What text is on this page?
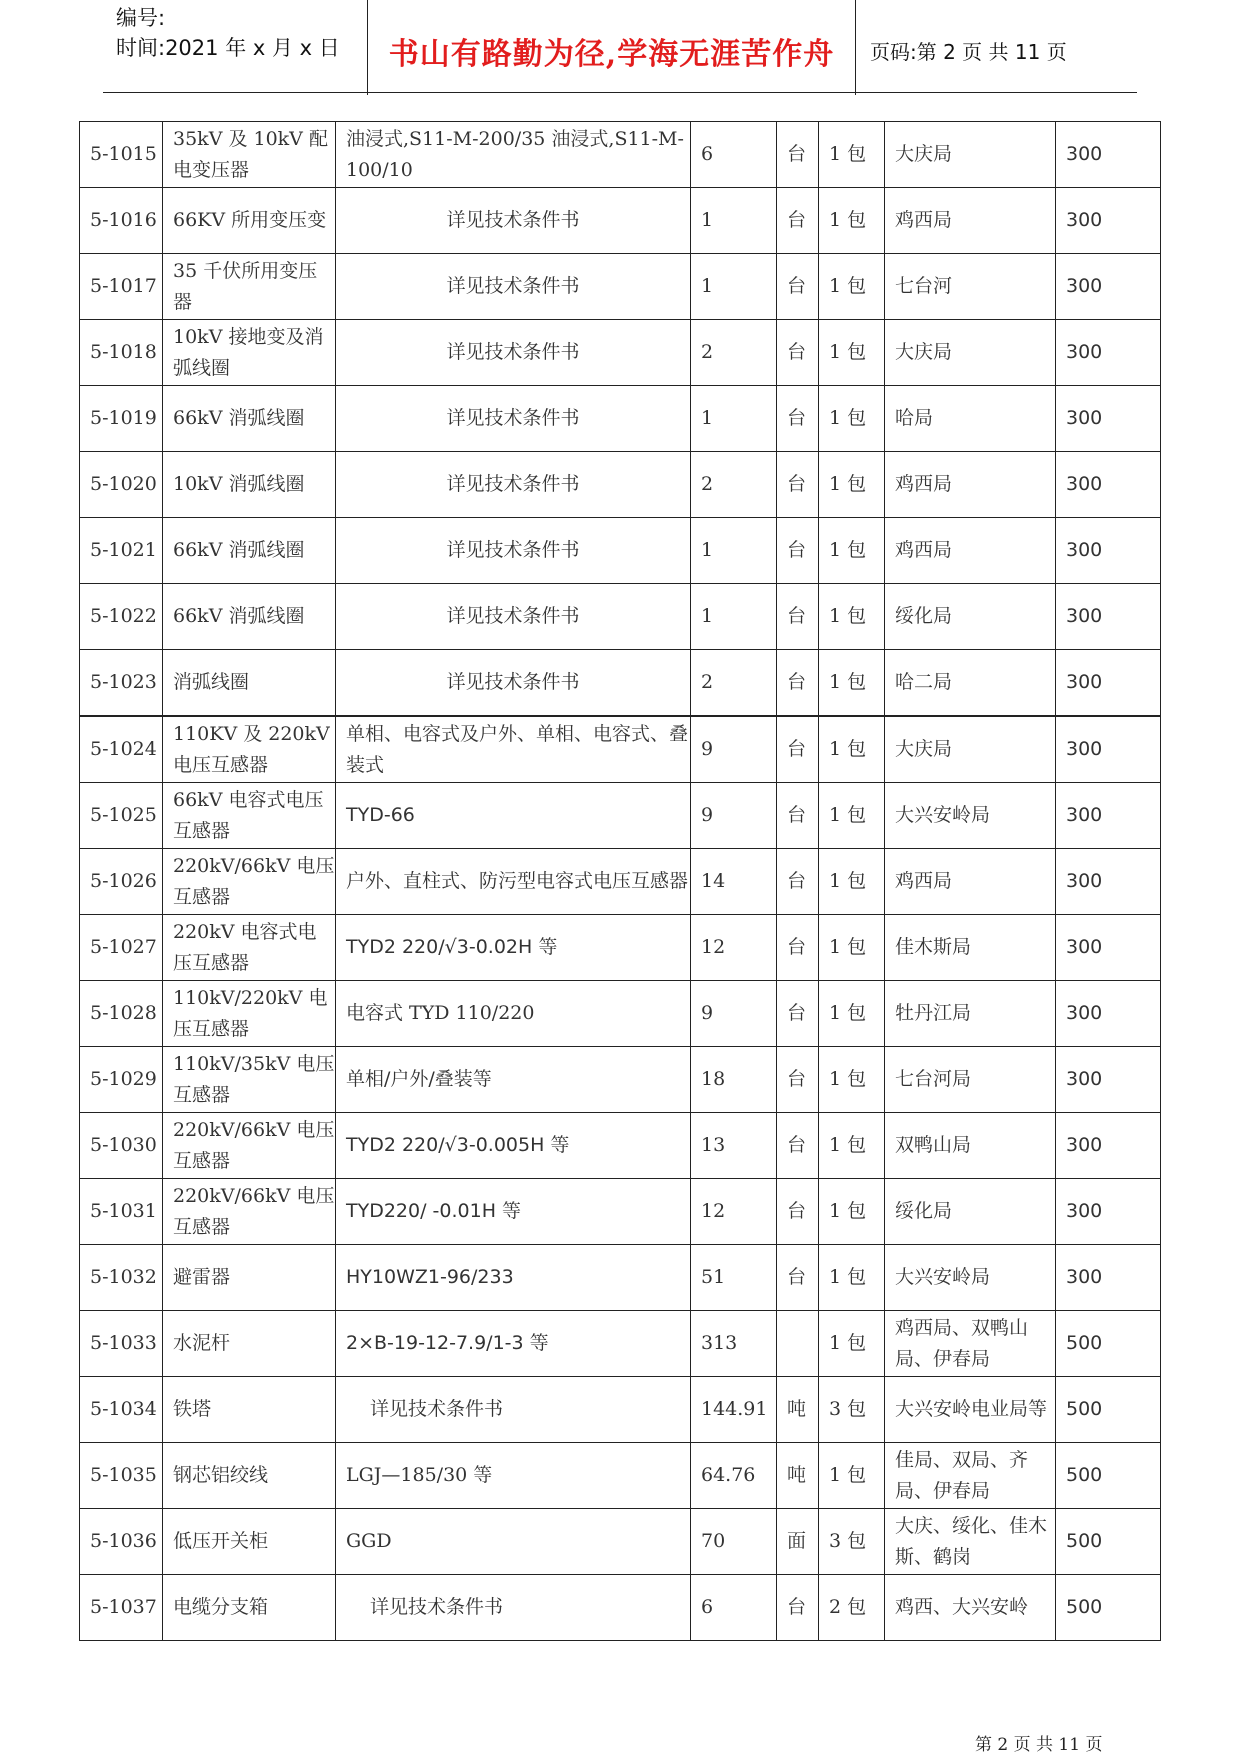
编号:
时间:2021 年 x 月 x 日	书山有路勤为径,学海无涯苦作舟	页码:第 2 页 共 11 页
5-1015	35kV 及 10kV 配电变压器	油浸式,S11-M-200/35 油浸式,S11-M-100/10	6	台	1 包	大庆局	300
5-1016	66KV 所用变压变	详见技术条件书	1	台	1 包	鸡西局	300
5-1017	35 千伏所用变压器	详见技术条件书	1	台	1 包	七台河	300
5-1018	10kV 接地变及消弧线圈	详见技术条件书	2	台	1 包	大庆局	300
5-1019	66kV 消弧线圈	详见技术条件书	1	台	1 包	哈局	300
5-1020	10kV 消弧线圈	详见技术条件书	2	台	1 包	鸡西局	300
5-1021	66kV 消弧线圈	详见技术条件书	1	台	1 包	鸡西局	300
5-1022	66kV 消弧线圈	详见技术条件书	1	台	1 包	绥化局	300
5-1023	消弧线圈	详见技术条件书	2	台	1 包	哈二局	300
5-1024	110KV 及 220kV 电压互感器	单相、电容式及户外、单相、电容式、叠装式	9	台	1 包	大庆局	300
5-1025	66kV 电容式电压互感器	TYD-66	9	台	1 包	大兴安岭局	300
5-1026	220kV/66kV 电压互感器	户外、直柱式、防污型电容式电压互感器	14	台	1 包	鸡西局	300
5-1027	220kV 电容式电压互感器	TYD2 220/√3-0.02H 等	12	台	1 包	佳木斯局	300
5-1028	110kV/220kV 电压互感器	电容式 TYD 110/220	9	台	1 包	牡丹江局	300
5-1029	110kV/35kV 电压互感器	单相/户外/叠装等	18	台	1 包	七台河局	300
5-1030	220kV/66kV 电压互感器	TYD2 220/√3-0.005H 等	13	台	1 包	双鸭山局	300
5-1031	220kV/66kV 电压互感器	TYD220/ -0.01H 等	12	台	1 包	绥化局	300
5-1032	避雷器	HY10WZ1-96/233	51	台	1 包	大兴安岭局	300
5-1033	水泥杆	2×B-19-12-7.9/1-3 等	313		1 包	鸡西局、双鸭山局、伊春局	500
5-1034	铁塔	详见技术条件书	144.91	吨	3 包	大兴安岭电业局等	500
5-1035	钢芯铝绞线	LGJ—185/30 等	64.76	吨	1 包	佳局、双局、齐局、伊春局	500
5-1036	低压开关柜	GGD	70	面	3 包	大庆、绥化、佳木斯、鹤岗	500
5-1037	电缆分支箱	详见技术条件书	6	台	2 包	鸡西、大兴安岭	500
第 2 页 共 11 页
